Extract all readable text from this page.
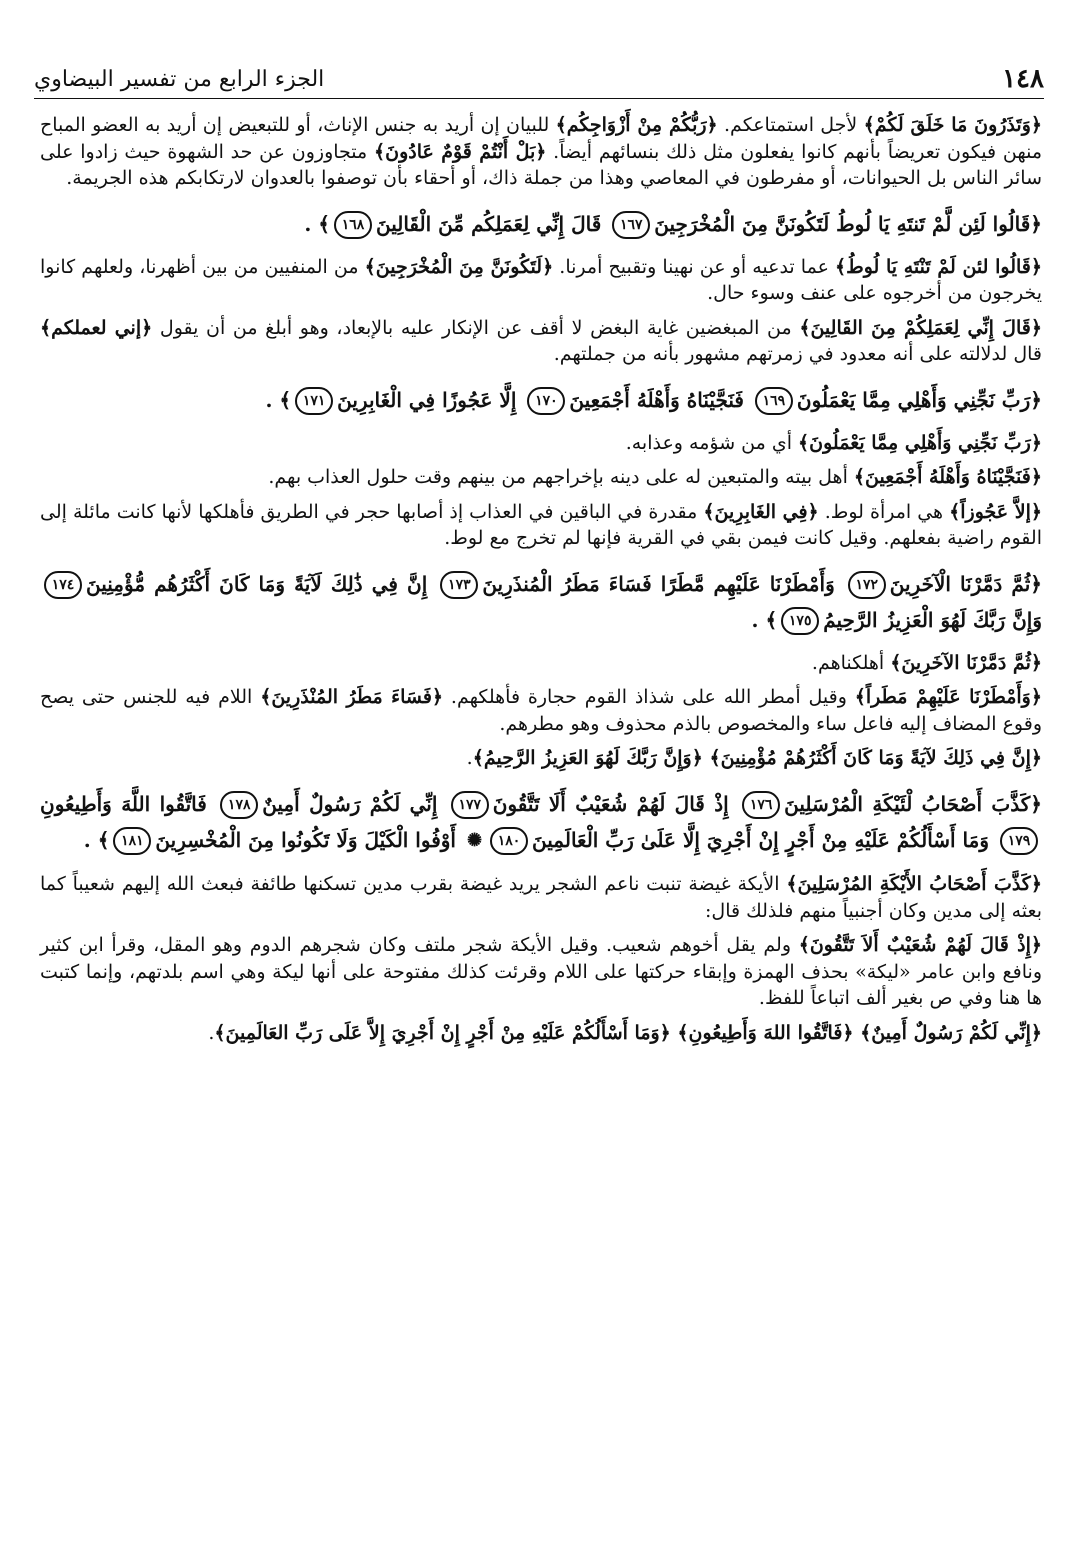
١٤٨
الجزء الرابع من تفسير البيضاوي

﴿وَتَذَرُونَ مَا خَلَقَ لَكُمْ﴾ لأجل استمتاعكم. ﴿رَبُّكُمْ مِنْ أَزْوَاجِكُم﴾ للبيان إن أريد به جنس الإناث، أو للتبعيض إن أريد به العضو المباح منهن فيكون تعريضاً بأنهم كانوا يفعلون مثل ذلك بنسائهم أيضاً. ﴿بَلْ أَنْتُمْ قَوْمٌ عَادُونَ﴾ متجاوزون عن حد الشهوة حيث زادوا على سائر الناس بل الحيوانات، أو مفرطون في المعاصي وهذا من جملة ذاك، أو أحقاء بأن توصفوا بالعدوان لارتكابكم هذه الجريمة.

﴿قَالُوا لَئِن لَّمْ تَنتَهِ يَا لُوطُ لَتَكُونَنَّ مِنَ الْمُخْرَجِينَ١٦٧ قَالَ إِنِّي لِعَمَلِكُم مِّنَ الْقَالِينَ١٦٨﴾ .

﴿قَالُوا لئن لَمْ تَنْتَهِ يَا لُوطُ﴾ عما تدعيه أو عن نهينا وتقبيح أمرنا. ﴿لَتَكُونَنَّ مِنَ الْمُخْرَجِينَ﴾ من المنفيين من بين أظهرنا، ولعلهم كانوا يخرجون من أخرجوه على عنف وسوء حال.

﴿قَالَ إِنِّي لِعَمَلِكُمْ مِنَ القَالِينَ﴾ من المبغضين غاية البغض لا أقف عن الإنكار عليه بالإبعاد، وهو أبلغ من أن يقول ﴿إني لعملكم﴾ قال لدلالته على أنه معدود في زمرتهم مشهور بأنه من جملتهم.

﴿رَبِّ نَجِّنِي وَأَهْلِي مِمَّا يَعْمَلُونَ١٦٩ فَنَجَّيْنَاهُ وَأَهْلَهُ أَجْمَعِينَ١٧٠ إِلَّا عَجُوزًا فِي الْغَابِرِينَ١٧١﴾ .

﴿رَبِّ نَجِّنِي وَأَهْلِي مِمَّا يَعْمَلُونَ﴾ أي من شؤمه وعذابه.

﴿فَنَجَّيْنَاهُ وَأَهْلَهُ أَجْمَعِينَ﴾ أهل بيته والمتبعين له على دينه بإخراجهم من بينهم وقت حلول العذاب بهم.

﴿إلاَّ عَجُوزاً﴾ هي امرأة لوط. ﴿فِي الغَابِرِينَ﴾ مقدرة في الباقين في العذاب إذ أصابها حجر في الطريق فأهلكها لأنها كانت مائلة إلى القوم راضية بفعلهم. وقيل كانت فيمن بقي في القرية فإنها لم تخرج مع لوط.

﴿ثُمَّ دَمَّرْنَا الْآخَرِينَ١٧٢ وَأَمْطَرْنَا عَلَيْهِم مَّطَرًا فَسَاءَ مَطَرُ الْمُنذَرِينَ١٧٣ إِنَّ فِي ذَٰلِكَ لَآيَةً وَمَا كَانَ أَكْثَرُهُم مُّؤْمِنِينَ١٧٤ وَإِنَّ رَبَّكَ لَهُوَ الْعَزِيزُ الرَّحِيمُ١٧٥﴾ .

﴿ثُمَّ دَمَّرْنَا الآخَرِينَ﴾ أهلكناهم.

﴿وَأَمْطَرْنَا عَلَيْهِمْ مَطَراً﴾ وقيل أمطر الله على شذاذ القوم حجارة فأهلكهم. ﴿فَسَاءَ مَطَرُ المُنْذَرِينَ﴾ اللام فيه للجنس حتى يصح وقوع المضاف إليه فاعل ساء والمخصوص بالذم محذوف وهو مطرهم.

﴿إِنَّ فِي ذَلِكَ لآيَةً وَمَا كَانَ أَكْثَرُهُمْ مُؤْمِنِينَ﴾ ﴿وَإِنَّ رَبَّكَ لَهُوَ العَزِيزُ الرَّحِيمُ﴾.

﴿كَذَّبَ أَصْحَابُ لْئَيْكَةِ الْمُرْسَلِينَ١٧٦ إِذْ قَالَ لَهُمْ شُعَيْبٌ أَلَا تَتَّقُونَ١٧٧ إِنِّي لَكُمْ رَسُولٌ أَمِينٌ١٧٨ فَاتَّقُوا اللَّهَ وَأَطِيعُونِ١٧٩ وَمَا أَسْأَلُكُمْ عَلَيْهِ مِنْ أَجْرٍ إِنْ أَجْرِيَ إِلَّا عَلَىٰ رَبِّ الْعَالَمِينَ١٨٠✺ أَوْفُوا الْكَيْلَ وَلَا تَكُونُوا مِنَ الْمُخْسِرِينَ١٨١﴾ .

﴿كَذَّبَ أَصْحَابُ الأَيْكَةِ المُرْسَلِينَ﴾ الأيكة غيضة تنبت ناعم الشجر يريد غيضة بقرب مدين تسكنها طائفة فبعث الله إليهم شعيباً كما بعثه إلى مدين وكان أجنبياً منهم فلذلك قال:

﴿إِذْ قَالَ لَهُمْ شُعَيْبٌ أَلاَ تَتَّقُونَ﴾ ولم يقل أخوهم شعيب. وقيل الأيكة شجر ملتف وكان شجرهم الدوم وهو المقل، وقرأ ابن كثير ونافع وابن عامر «ليكة» بحذف الهمزة وإبقاء حركتها على اللام وقرئت كذلك مفتوحة على أنها ليكة وهي اسم بلدتهم، وإنما كتبت ها هنا وفي ص بغير ألف اتباعاً للفظ.

﴿إِنِّي لَكُمْ رَسُولٌ أَمِينٌ﴾ ﴿فَاتَّقُوا اللهَ وَأَطِيعُونِ﴾ ﴿وَمَا أَسْأَلُكُمْ عَلَيْهِ مِنْ أَجْرٍ إِنْ أَجْرِيَ إِلاَّ عَلَى رَبِّ العَالَمِينَ﴾.
